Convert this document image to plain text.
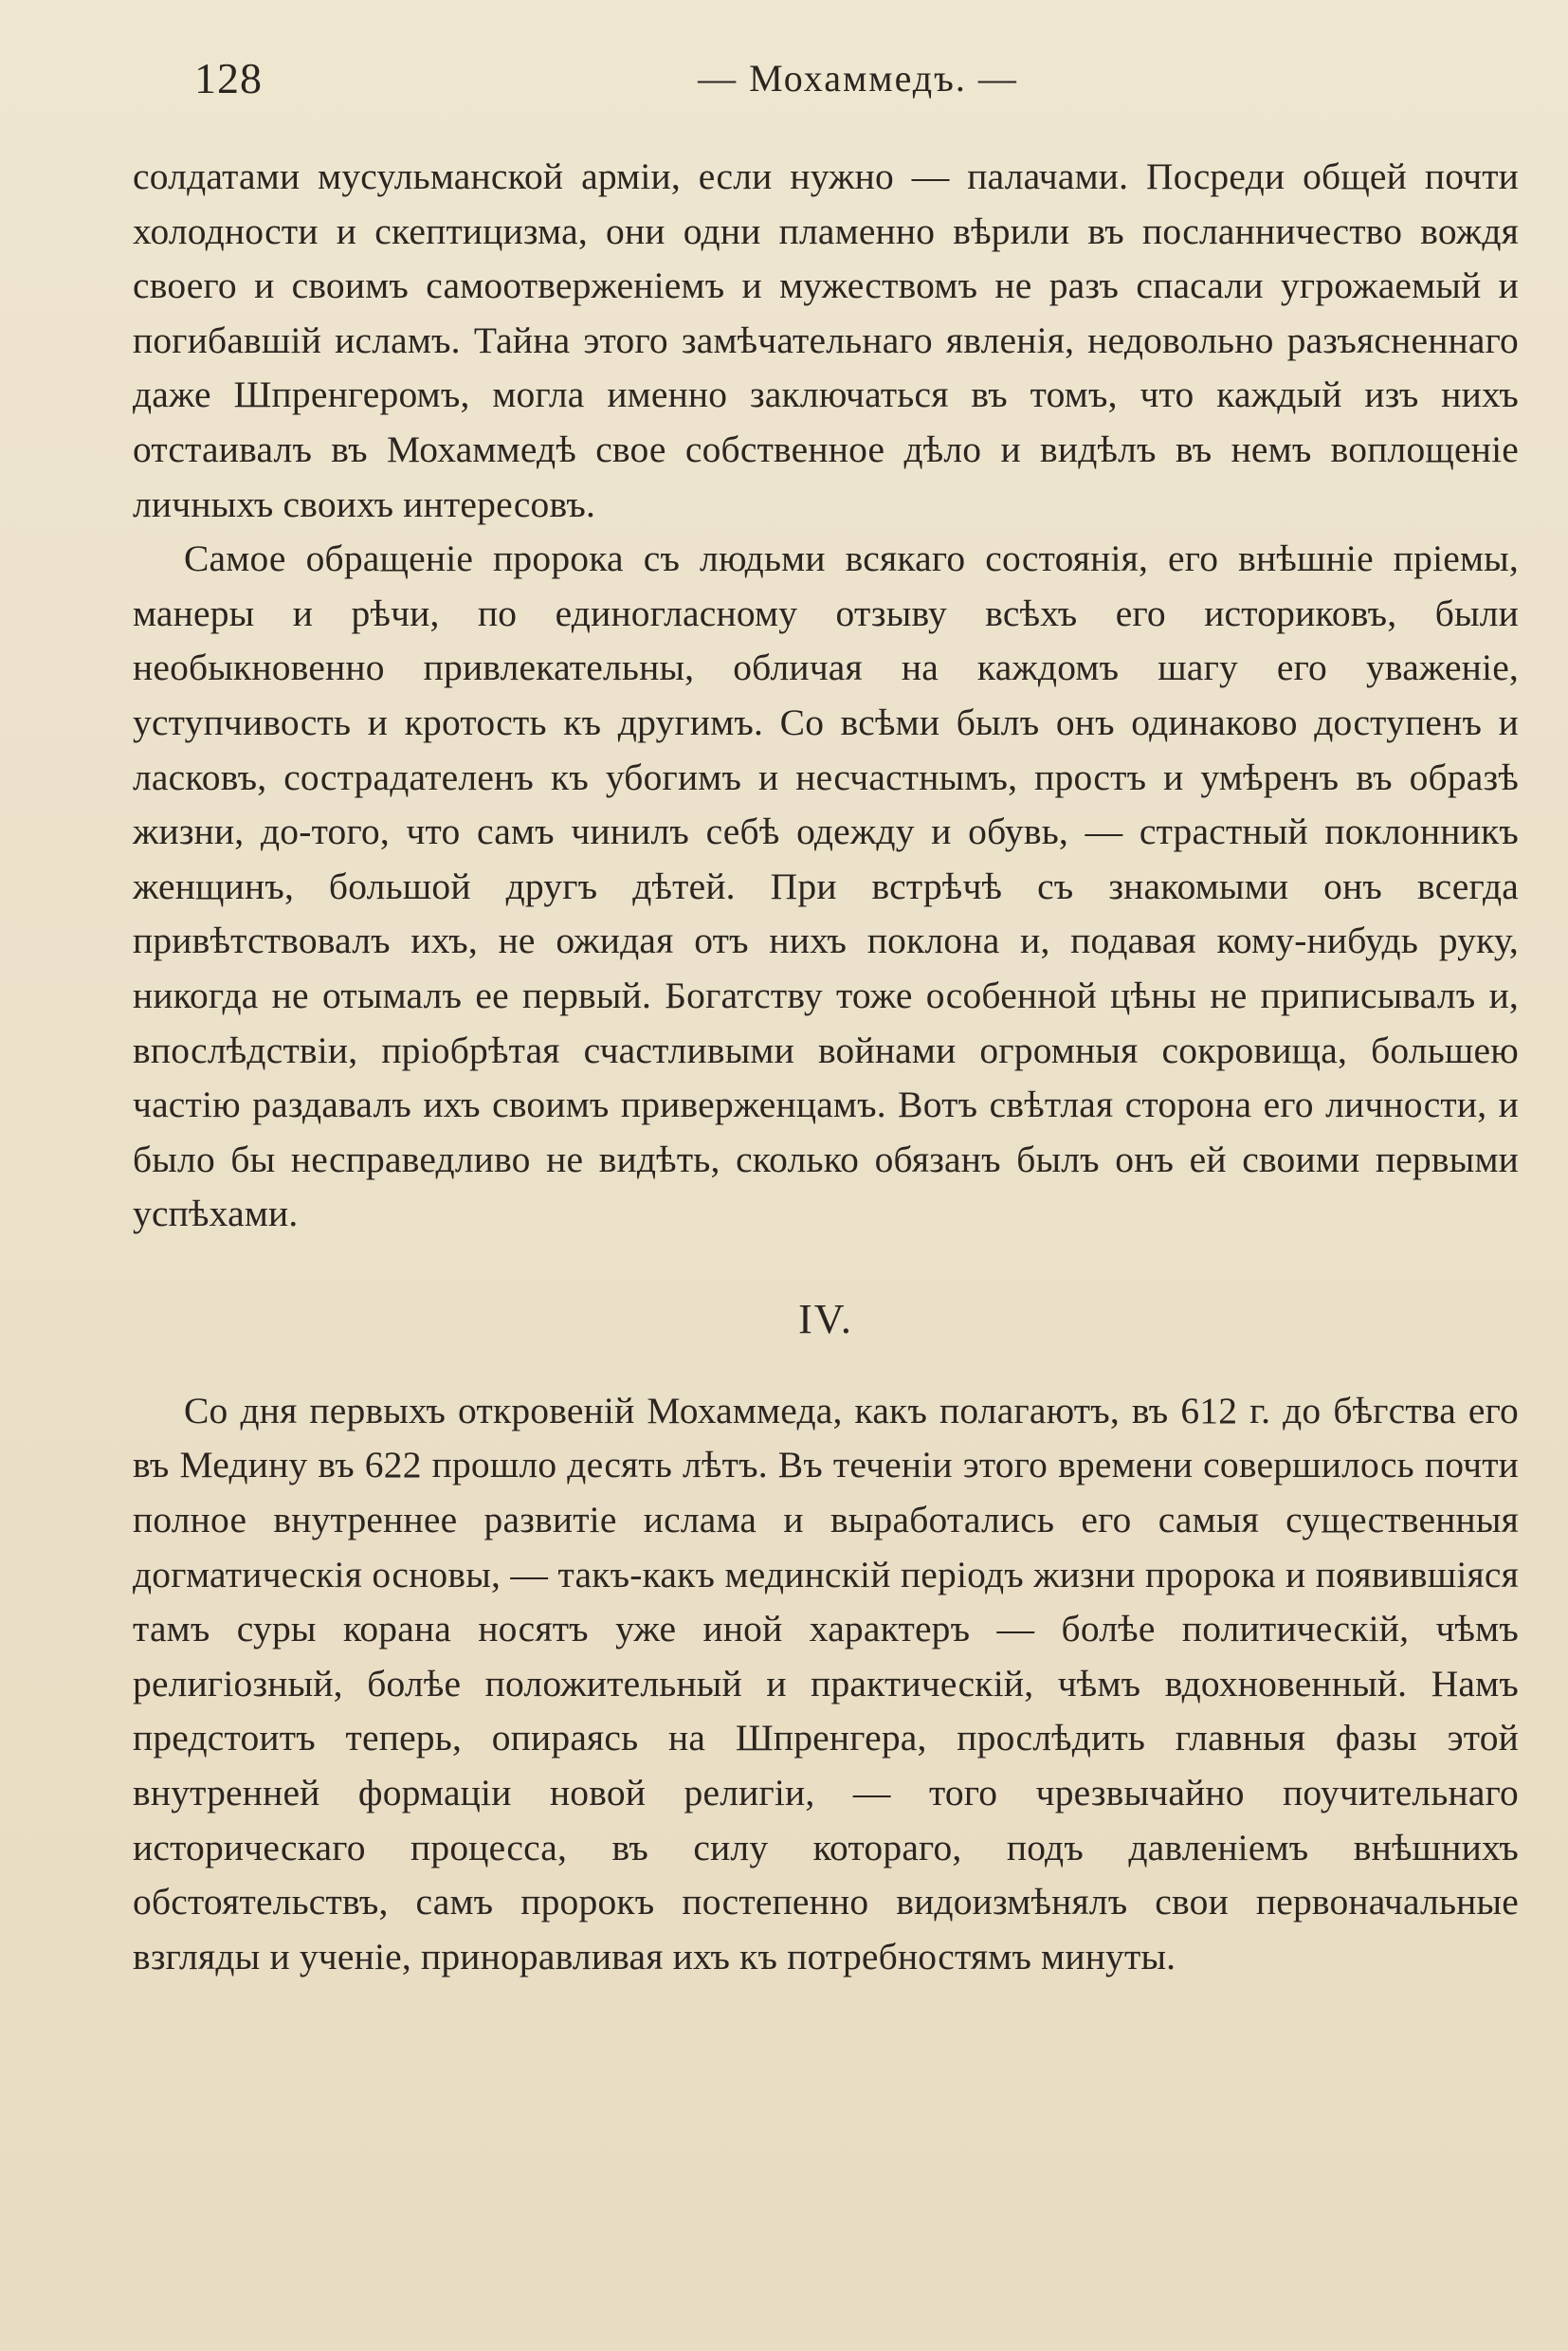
128	— Мохаммедъ. —

солдатами мусульманской арміи, если нужно — палачами. Посреди общей почти холодности и скептицизма, они одни пламенно вѣрили въ посланничество вождя своего и своимъ самоотверженіемъ и мужествомъ не разъ спасали угрожаемый и погибавшій исламъ. Тайна этого замѣчательнаго явленія, недовольно разъясненнаго даже Шпренгеромъ, могла именно заключаться въ томъ, что каждый изъ нихъ отстаивалъ въ Мохаммедѣ свое собственное дѣло и видѣлъ въ немъ воплощеніе личныхъ своихъ интересовъ.

Самое обращеніе пророка съ людьми всякаго состоянія, его внѣшніе пріемы, манеры и рѣчи, по единогласному отзыву всѣхъ его историковъ, были необыкновенно привлекательны, обличая на каждомъ шагу его уваженіе, уступчивость и кротость къ другимъ. Со всѣми былъ онъ одинаково доступенъ и ласковъ, сострадателенъ къ убогимъ и несчастнымъ, простъ и умѣренъ въ образѣ жизни, до-того, что самъ чинилъ себѣ одежду и обувь, — страстный поклонникъ женщинъ, большой другъ дѣтей. При встрѣчѣ съ знакомыми онъ всегда привѣтствовалъ ихъ, не ожидая отъ нихъ поклона и, подавая кому-нибудь руку, никогда не отымалъ ее первый. Богатству тоже особенной цѣны не приписывалъ и, впослѣдствіи, пріобрѣтая счастливыми войнами огромныя сокровища, большею частію раздавалъ ихъ своимъ приверженцамъ. Вотъ свѣтлая сторона его личности, и было бы несправедливо не видѣть, сколько обязанъ былъ онъ ей своими первыми успѣхами.

IV.

Со дня первыхъ откровеній Мохаммеда, какъ полагаютъ, въ 612 г. до бѣгства его въ Медину въ 622 прошло десять лѣтъ. Въ теченіи этого времени совершилось почти полное внутреннее развитіе ислама и выработались его самыя существенныя догматическія основы, — такъ-какъ мединскій періодъ жизни пророка и появившіяся тамъ суры корана носятъ уже иной характеръ — болѣе политическій, чѣмъ религіозный, болѣе положительный и практическій, чѣмъ вдохновенный. Намъ предстоитъ теперь, опираясь на Шпренгера, прослѣдить главныя фазы этой внутренней формаціи новой религіи, — того чрезвычайно поучительнаго историческаго процесса, въ силу котораго, подъ давленіемъ внѣшнихъ обстоятельствъ, самъ пророкъ постепенно видоизмѣнялъ свои первоначальные взгляды и ученіе, приноравливая ихъ къ потребностямъ минуты.
